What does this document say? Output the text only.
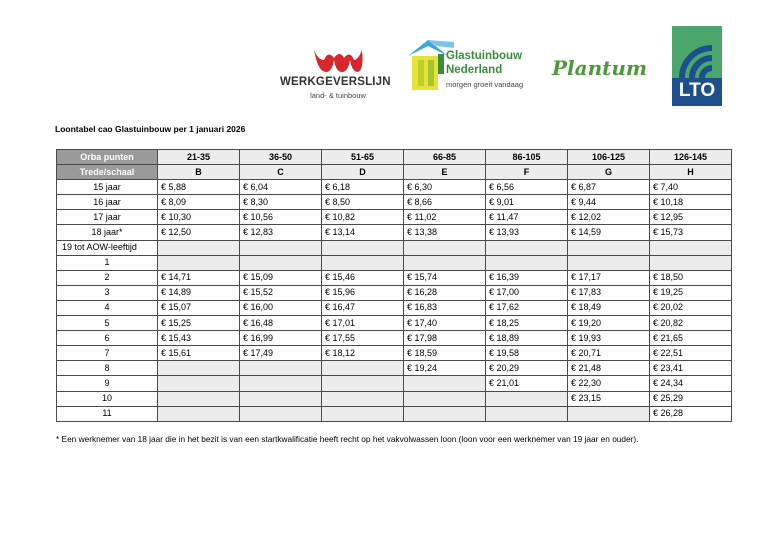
WERKGEVERSLIJN
land- & tuinbouw
Glastuinbouw
Nederland
morgen groeit vandaag
Plantum
LTO
Loontabel cao Glastuinbouw per 1 januari 2026
Orba punten	21-35	36-50	51-65	66-85	86-105	106-125	126-145
Trede/schaal	B	C	D	E	F	G	H
15 jaar	€ 5,88	€ 6,04	€ 6,18	€ 6,30	€ 6,56	€ 6,87	€ 7,40
16 jaar	€ 8,09	€ 8,30	€ 8,50	€ 8,66	€ 9,01	€ 9,44	€ 10,18
17 jaar	€ 10,30	€ 10,56	€ 10,82	€ 11,02	€ 11,47	€ 12,02	€ 12,95
18 jaar*	€ 12,50	€ 12,83	€ 13,14	€ 13,38	€ 13,93	€ 14,59	€ 15,73
19 tot AOW-leeftijd							
1							
2	€ 14,71	€ 15,09	€ 15,46	€ 15,74	€ 16,39	€ 17,17	€ 18,50
3	€ 14,89	€ 15,52	€ 15,96	€ 16,28	€ 17,00	€ 17,83	€ 19,25
4	€ 15,07	€ 16,00	€ 16,47	€ 16,83	€ 17,62	€ 18,49	€ 20,02
5	€ 15,25	€ 16,48	€ 17,01	€ 17,40	€ 18,25	€ 19,20	€ 20,82
6	€ 15,43	€ 16,99	€ 17,55	€ 17,98	€ 18,89	€ 19,93	€ 21,65
7	€ 15,61	€ 17,49	€ 18,12	€ 18,59	€ 19,58	€ 20,71	€ 22,51
8				€ 19,24	€ 20,29	€ 21,48	€ 23,41
9					€ 21,01	€ 22,30	€ 24,34
10						€ 23,15	€ 25,29
11							€ 26,28
* Een werknemer van 18 jaar die in het bezit is van een startkwalificatie heeft recht op het vakvolwassen loon (loon voor een werknemer van 19 jaar en ouder).
